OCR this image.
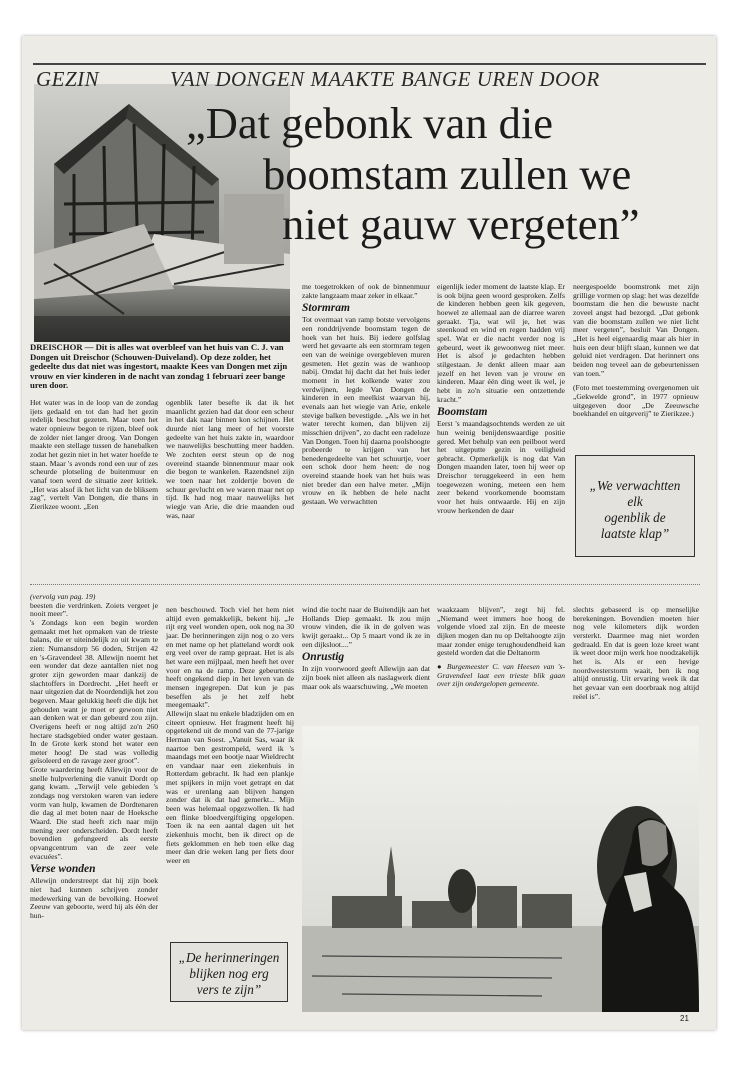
GEZIN	VAN DONGEN MAAKTE BANGE UREN DOOR
„Dat gebonk van die
boomstam zullen we
niet gauw vergeten”
DREISCHOR — Dit is alles wat overbleef van het huis van C. J. van Dongen uit Dreischor (Schouwen-Duiveland). Op deze zolder, het gedeelte dus dat niet was ingestort, maakte Kees van Dongen met zijn vrouw en vier kinderen in de nacht van zondag 1 februari zeer bange uren door.

Het water was in de loop van de zondag ijets gedaald en tot dan had het gezin redelijk beschut gezeten. Maar toen het water opnieuw begon te rijzen, bleef ook de zolder niet langer droog. Van Dongen maakte een stellage tussen de hanebalken zodat het gezin niet in het water hoefde te staan. Maar 's avonds rond een uur of zes scheurde plotseling de buitenmuur en vanaf toen werd de situatie zeer kritiek. „Het was alsof ik het licht van de bliksem zag”, vertelt Van Dongen, die thans in Zierikzee woont. „Een

ogenblik later besefte ik dat ik het maanlicht gezien had dat door een scheur in het dak naar binnen kon schijnen. Het duurde niet lang meer of het voorste gedeelte van het huis zakte in, waardoor we nauwelijks beschutting meer hadden. We zochten eerst steun op de nog overeind staande binnenmuur maar ook die begon te wankelen. Razendsnel zijn we toen naar het zoldertje boven de schuur gevlucht en we waren maar net op tijd. Ik had nog maar nauwelijks het wiegje van Arie, die drie maanden oud was, naar

me toegetrokken of ook de binnenmuur zakte langzaam maar zeker in elkaar.”

Stormram

Tot overmaat van ramp botste vervolgens een ronddrijvende boomstam tegen de hoek van het huis. Bij iedere golfslag werd het gevaarte als een stormram tegen een van de weinige overgebleven muren gesmeten. Het gezin was de wanhoop nabij. Omdat hij dacht dat het huis ieder moment in het kolkende water zou verdwijnen, legde Van Dongen de kinderen in een meelkist waarvan hij, evenals aan het wiegje van Arie, enkele stevige balken bevestigde. „Als we in het water terecht komen, dan blijven zij misschien drijven”, zo dacht een radeloze Van Dongen. Toen hij daarna poolshoogte probeerde te krijgen van het benedengedeelte van het schuurtje, voer een schok door hem heen: de nog overeind staande hoek van het huis was niet breder dan een halve meter. „Mijn vrouw en ik hebben de hele nacht gestaan. We verwachtten

eigenlijk ieder moment de laatste klap. Er is ook bijna geen woord gesproken. Zelfs de kinderen hebben geen kik gegeven, hoewel ze allemaal aan de diarree waren geraakt. Tja, wat wil je, het was steenkoud en wind en regen hadden vrij spel. Wat er die nacht verder nog is gebeurd, weet ik gewoonweg niet meer. Het is alsof je gedachten hebben stilgestaan. Je denkt alleen maar aan jezelf en het leven van je vrouw en kinderen. Maar één ding weet ik wel, je hebt in zo'n situatie een ontzettende kracht.”

Boomstam

Eerst 's maandagsochtends werden ze uit hun weinig benijdenswaardige positie gered. Met behulp van een peilboot werd het uitgeputte gezin in veiligheid gebracht. Opmerkelijk is nog dat Van Dongen maanden later, toen hij weer op Dreischor teruggekeerd in een hem toegewezen woning, meteen een hem zeer bekend voorkomende boomstam voor het huis ontwaarde. Hij en zijn vrouw herkenden de daar

neergespoelde boomstronk met zijn grillige vormen op slag: het was dezelfde boomstam die hen die bewuste nacht zoveel angst had bezorgd. „Dat gebonk van die boomstam zullen we niet licht meer vergeten”, besluit Van Dongen. „Het is heel eigenaardig maar als hier in huis een deur blijft slaan, kunnen we dat geluid niet verdragen. Dat herinnert ons beiden nog teveel aan de gebeurtenissen van toen.”

(Foto met toestemming overgenomen uit „Gekwelde grond”, in 1977 opnieuw uitgegeven door „De Zeeuwsche boekhandel en uitgeverij” te Zierikzee.)

„We verwachtten
elk
ogenblik de
laatste klap”

(vervolg van pag. 19)

beesten die verdrinken. Zoiets vergeet je nooit meer”.
's Zondags kon een begin worden gemaakt met het opmaken van de trieste balans, die er uiteindelijk zo uit kwam te zien: Numansdorp 56 doden, Strijen 42 en 's-Gravendeel 38. Allewijn noemt het een wonder dat deze aantallen niet nog groter zijn geworden maar dankzij de slachtoffers in Dordrecht. „Het heeft er naar uitgezien dat de Noordendijk het zou begeven. Maar gelukkig heeft die dijk het gehouden want je moet er gewoon niet aan denken wat er dan gebeurd zou zijn. Overigens heeft er nog altijd zo'n 260 hectare stadsgebied onder water gestaan. In de Grote kerk stond het water een meter hoog! De stad was volledig geïsoleerd en de ravage zeer groot”.
Grote waardering heeft Allewijn voor de snelle hulpverlening die vanuit Dordt op gang kwam. „Terwijl vele gebieden 's zondags nog verstoken waren van iedere vorm van hulp, kwamen de Dordtenaren die dag al met boten naar de Hoeksche Waard. Die stad heeft zich naar mijn mening zeer onderscheiden. Dordt heeft bovendien gefungeerd als eerste opvangcentrum van de zeer vele evacuées”.

Verse wonden

Allewijn onderstreept dat hij zijn boek niet had kunnen schrijven zonder medewerking van de bevolking. Hoewel Zeeuw van geboorte, werd hij als één der hun-

nen beschouwd. Toch viel het hem niet altijd even gemakkelijk, bekent hij. „Je rijt erg veel wonden open, ook nog na 30 jaar. De herinneringen zijn nog o zo vers en met name op het platteland wordt ook erg veel over de ramp gepraat. Het is als het ware een mijlpaal, men heeft het over voor en na de ramp. Deze gebeurtenis heeft ongekend diep in het leven van de mensen ingegrepen. Dat kun je pas beseffen als je het zelf hebt meegemaakt”.
Allewijn slaat nu enkele bladzijden om en citeert opnieuw. Het fragment heeft hij opgetekend uit de mond van de 77-jarige Herman van Soest. „Vanuit Sas, waar ik naartoe ben gestrompeld, werd ik 's maandags met een bootje naar Wieldrecht en vandaar naar een ziekenhuis in Rotterdam gebracht. Ik had een plankje met spijkers in mijn voet getrapt en dat was er urenlang aan blijven hangen zonder dat ik dat had gemerkt... Mijn been was helemaal opgezwollen. Ik had een flinke bloedvergiftiging opgelopen. Toen ik na een aantal dagen uit het ziekenhuis mocht, ben ik direct op de fiets geklommen en heb toen elke dag meer dan drie weken lang per fiets door weer en

„De herinneringen
blijken nog erg
vers te zijn”

wind die tocht naar de Buitendijk aan het Hollands Diep gemaakt. Ik zou mijn vrouw vinden, die ik in de golven was kwijt geraakt... Op 5 maart vond ik ze in een dijksloot....”

Onrustig

In zijn voorwoord geeft Allewijn aan dat zijn boek niet alleen als naslagwerk dient maar ook als waarschuwing. „We moeten

waakzaam blijven”, zegt hij fel. „Niemand weet immers hoe hoog de volgende vloed zal zijn. En de meeste dijken mogen dan nu op Deltahoogte zijn maar zonder enige terughoudendheid kan gesteld worden dat die Deltanorm

● Burgemeester C. van Heesen van 's-Gravendeel laat een trieste blik gaan over zijn ondergelopen gemeente.

slechts gebaseerd is op menselijke berekeningen. Bovendien moeten hier nog vele kilometers dijk worden versterkt. Daarmee mag niet worden gedraald. En dat is geen loze kreet want ik weet door mijn werk hoe noodzakelijk het is. Als er een hevige noordwesterstorm waait, ben ik nog altijd onrustig. Uit ervaring week ik dat het gevaar van een doorbraak nog altijd reëel is”.

21
